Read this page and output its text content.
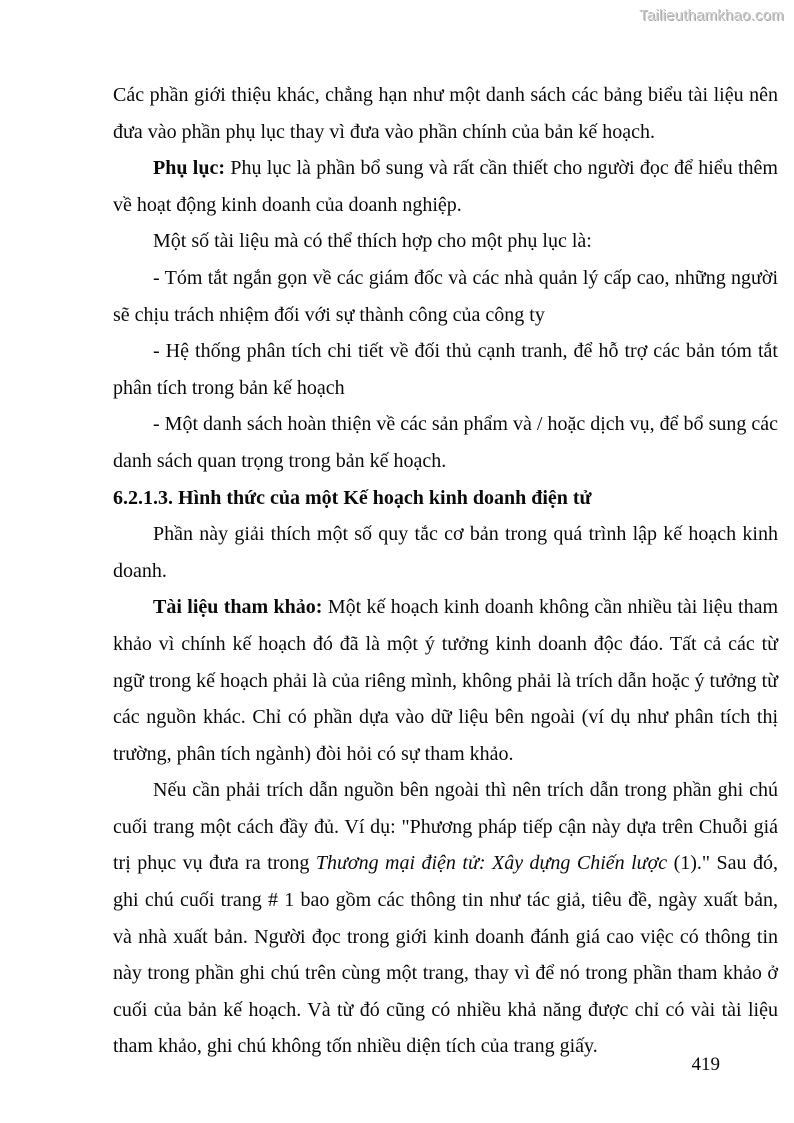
Tailieuthamkhao.com

Các phần giới thiệu khác, chẳng hạn như một danh sách các bảng biểu tài liệu nên đưa vào phần phụ lục thay vì đưa vào phần chính của bản kế hoạch.

Phụ lục: Phụ lục là phần bổ sung và rất cần thiết cho người đọc để hiểu thêm về hoạt động kinh doanh của doanh nghiệp.

Một số tài liệu mà có thể thích hợp cho một phụ lục là:

- Tóm tắt ngắn gọn về các giám đốc và các nhà quản lý cấp cao, những người sẽ chịu trách nhiệm đối với sự thành công của công ty

- Hệ thống phân tích chi tiết về đối thủ cạnh tranh, để hỗ trợ các bản tóm tắt phân tích trong bản kế hoạch

- Một danh sách hoàn thiện về các sản phẩm và / hoặc dịch vụ, để bổ sung các danh sách quan trọng trong bản kế hoạch.

6.2.1.3. Hình thức của một Kế hoạch kinh doanh điện tử

Phần này giải thích một số quy tắc cơ bản trong quá trình lập kế hoạch kinh doanh.

Tài liệu tham khảo: Một kế hoạch kinh doanh không cần nhiều tài liệu tham khảo vì chính kế hoạch đó đã là một ý tưởng kinh doanh độc đáo. Tất cả các từ ngữ trong kế hoạch phải là của riêng mình, không phải là trích dẫn hoặc ý tưởng từ các nguồn khác. Chỉ có phần dựa vào dữ liệu bên ngoài (ví dụ như phân tích thị trường, phân tích ngành) đòi hỏi có sự tham khảo.

Nếu cần phải trích dẫn nguồn bên ngoài thì nên trích dẫn trong phần ghi chú cuối trang một cách đầy đủ. Ví dụ: "Phương pháp tiếp cận này dựa trên Chuỗi giá trị phục vụ đưa ra trong Thương mại điện tử: Xây dựng Chiến lược (1)." Sau đó, ghi chú cuối trang # 1 bao gồm các thông tin như tác giả, tiêu đề, ngày xuất bản, và nhà xuất bản. Người đọc trong giới kinh doanh đánh giá cao việc có thông tin này trong phần ghi chú trên cùng một trang, thay vì để nó trong phần tham khảo ở cuối của bản kế hoạch. Và từ đó cũng có nhiều khả năng được chỉ có vài tài liệu tham khảo, ghi chú không tốn nhiều diện tích của trang giấy.

419
